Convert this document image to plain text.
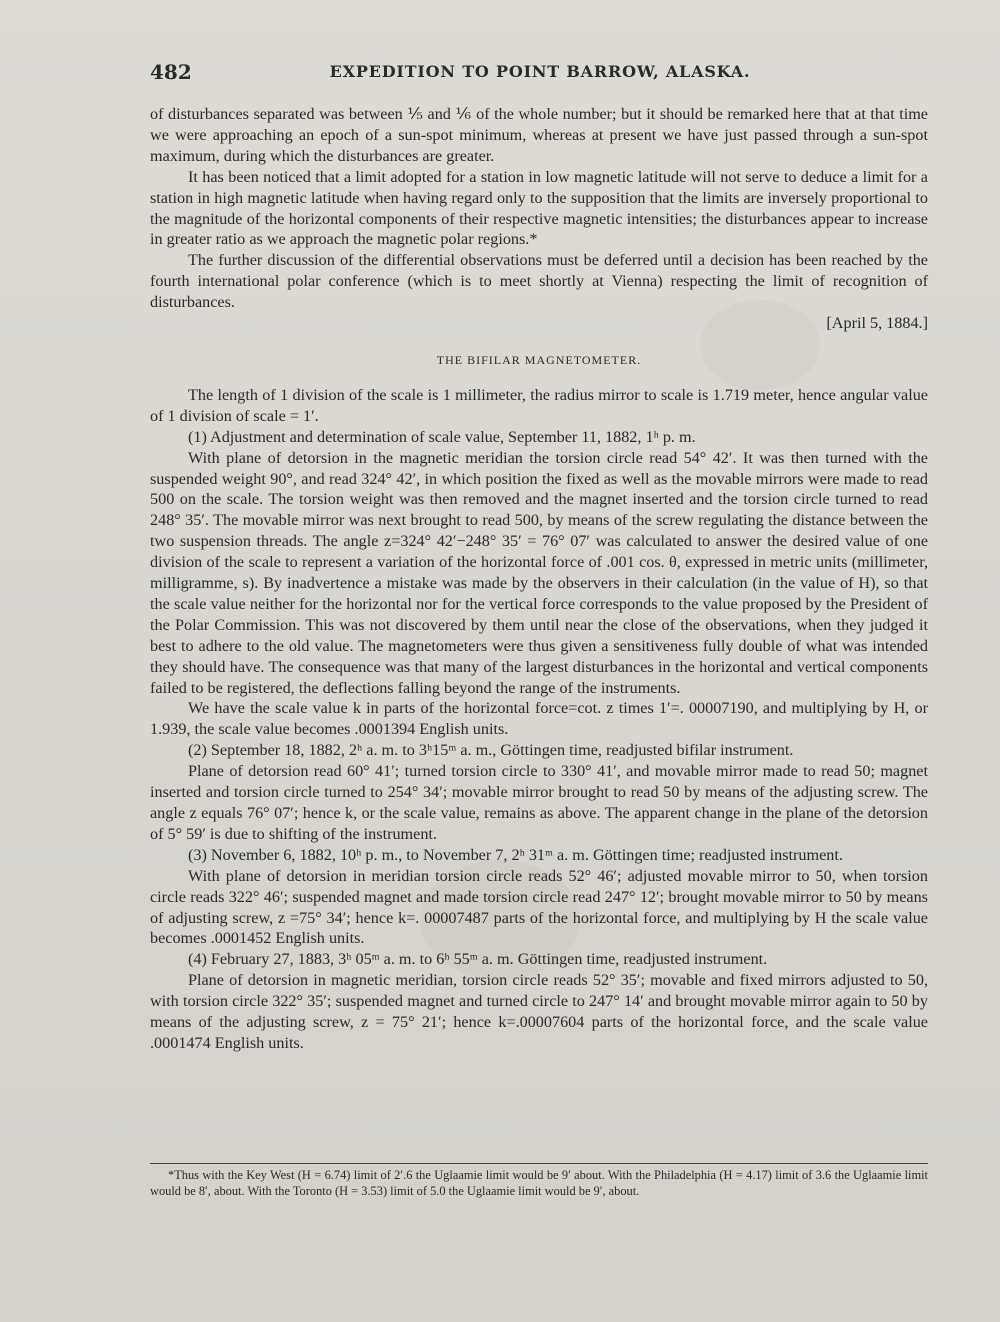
482	EXPEDITION TO POINT BARROW, ALASKA.

of disturbances separated was between ⅕ and ⅙ of the whole number; but it should be remarked here that at that time we were approaching an epoch of a sun-spot minimum, whereas at present we have just passed through a sun-spot maximum, during which the disturbances are greater.

It has been noticed that a limit adopted for a station in low magnetic latitude will not serve to deduce a limit for a station in high magnetic latitude when having regard only to the supposition that the limits are inversely proportional to the magnitude of the horizontal components of their respective magnetic intensities; the disturbances appear to increase in greater ratio as we approach the magnetic polar regions.*

The further discussion of the differential observations must be deferred until a decision has been reached by the fourth international polar conference (which is to meet shortly at Vienna) respecting the limit of recognition of disturbances.

[April 5, 1884.]
THE BIFILAR MAGNETOMETER.

The length of 1 division of the scale is 1 millimeter, the radius mirror to scale is 1.719 meter, hence angular value of 1 division of scale = 1′.

(1) Adjustment and determination of scale value, September 11, 1882, 1ʰ p. m.

With plane of detorsion in the magnetic meridian the torsion circle read 54° 42′. It was then turned with the suspended weight 90°, and read 324° 42′, in which position the fixed as well as the movable mirrors were made to read 500 on the scale. The torsion weight was then removed and the magnet inserted and the torsion circle turned to read 248° 35′. The movable mirror was next brought to read 500, by means of the screw regulating the distance between the two suspension threads. The angle z=324° 42′−248° 35′ = 76° 07′ was calculated to answer the desired value of one division of the scale to represent a variation of the horizontal force of .001 cos. θ, expressed in metric units (millimeter, milligramme, s). By inadvertence a mistake was made by the observers in their calculation (in the value of H), so that the scale value neither for the horizontal nor for the vertical force corresponds to the value proposed by the President of the Polar Commission. This was not discovered by them until near the close of the observations, when they judged it best to adhere to the old value. The magnetometers were thus given a sensitiveness fully double of what was intended they should have. The consequence was that many of the largest disturbances in the horizontal and vertical components failed to be registered, the deflections falling beyond the range of the instruments.

We have the scale value k in parts of the horizontal force=cot. z times 1′=. 00007190, and multiplying by H, or 1.939, the scale value becomes .0001394 English units.

(2) September 18, 1882, 2ʰ a. m. to 3ʰ15ᵐ a. m., Göttingen time, readjusted bifilar instrument.

Plane of detorsion read 60° 41′; turned torsion circle to 330° 41′, and movable mirror made to read 50; magnet inserted and torsion circle turned to 254° 34′; movable mirror brought to read 50 by means of the adjusting screw. The angle z equals 76° 07′; hence k, or the scale value, remains as above. The apparent change in the plane of the detorsion of 5° 59′ is due to shifting of the instrument.

(3) November 6, 1882, 10ʰ p. m., to November 7, 2ʰ 31ᵐ a. m. Göttingen time; readjusted instrument.

With plane of detorsion in meridian torsion circle reads 52° 46′; adjusted movable mirror to 50, when torsion circle reads 322° 46′; suspended magnet and made torsion circle read 247° 12′; brought movable mirror to 50 by means of adjusting screw, z =75° 34′; hence k=. 00007487 parts of the horizontal force, and multiplying by H the scale value becomes .0001452 English units.

(4) February 27, 1883, 3ʰ 05ᵐ a. m. to 6ʰ 55ᵐ a. m. Göttingen time, readjusted instrument.

Plane of detorsion in magnetic meridian, torsion circle reads 52° 35′; movable and fixed mirrors adjusted to 50, with torsion circle 322° 35′; suspended magnet and turned circle to 247° 14′ and brought movable mirror again to 50 by means of the adjusting screw, z = 75° 21′; hence k=.00007604 parts of the horizontal force, and the scale value .0001474 English units.

*Thus with the Key West (H = 6.74) limit of 2′.6 the Uglaamie limit would be 9′ about. With the Philadelphia (H = 4.17) limit of 3.6 the Uglaamie limit would be 8′, about. With the Toronto (H = 3.53) limit of 5.0 the Uglaamie limit would be 9′, about.
